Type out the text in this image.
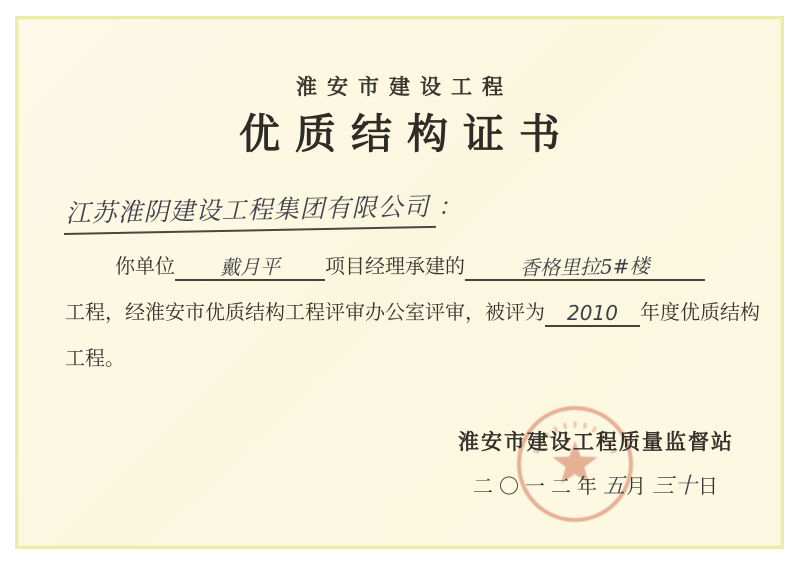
淮安市建设工程
优质结构证书
江苏淮阴建设工程集团有限公司 ：
你单位 戴月平 项目经理承建的	香格里拉5#楼
工程，经淮安市优质结构工程评审办公室评审，被评为 2010 年度优质结构
工程。
淮安市建设工程质量监督站
二〇一二年五月三十日
